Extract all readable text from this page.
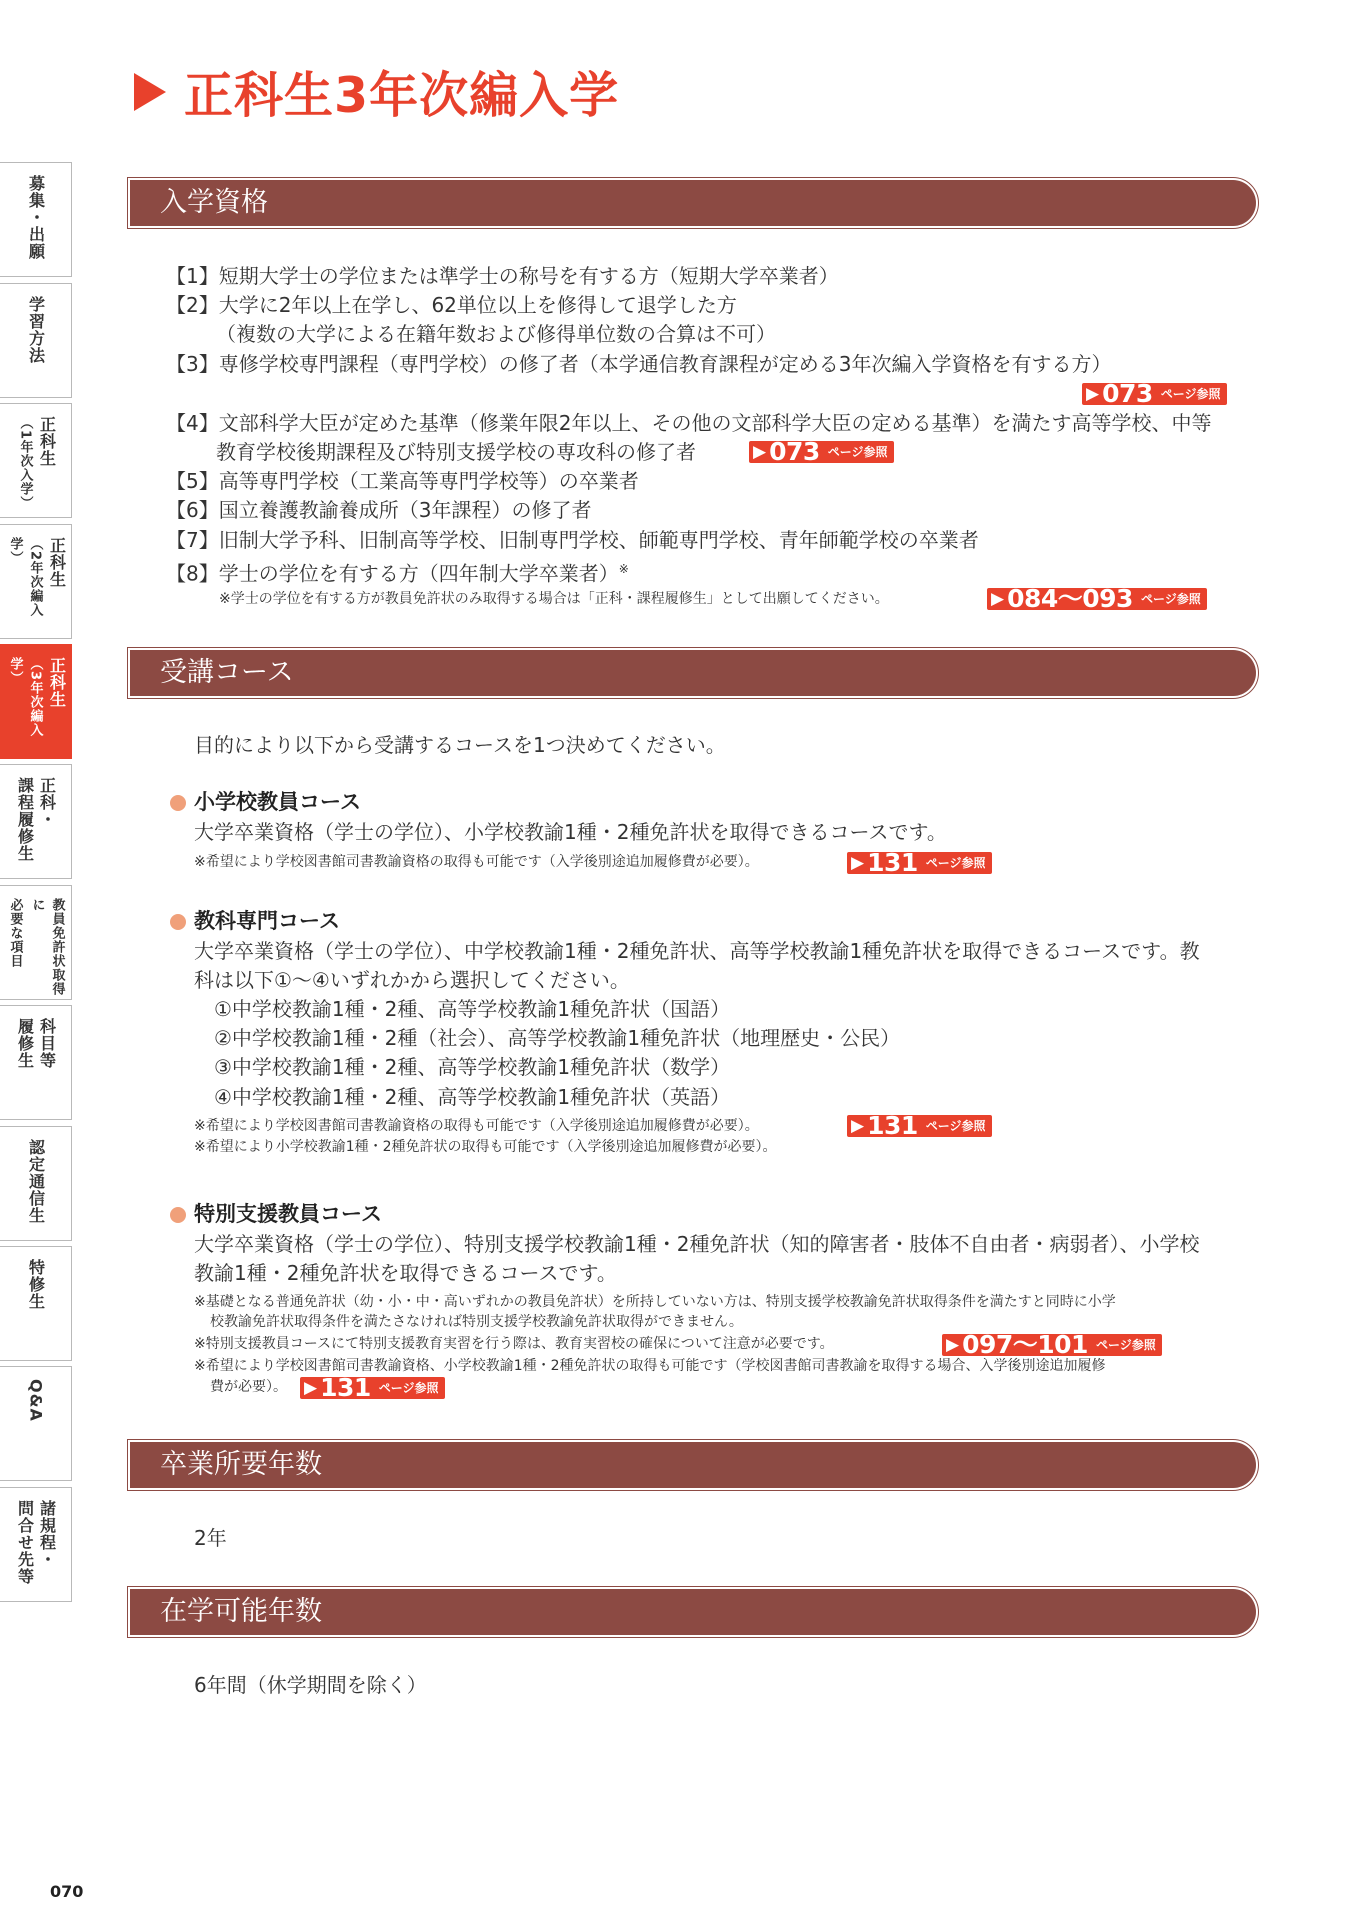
正科生3年次編入学
募集・出願
学習方法
正科生
（1年次入学）
正科生
（2年次編入学）
正科生
（3年次編入学）
正科・
課程履修生
教員免許状取得に
必要な項目
科目等
履修生
認定通信生
特修生
Q&A
諸規程・
問合せ先等
入学資格
【1】短期大学士の学位または準学士の称号を有する方（短期大学卒業者）
【2】大学に2年以上在学し、62単位以上を修得して退学した方
（複数の大学による在籍年数および修得単位数の合算は不可）
【3】専修学校専門課程（専門学校）の修了者（本学通信教育課程が定める3年次編入学資格を有する方）
▶ 073 ページ参照
【4】文部科学大臣が定めた基準（修業年限2年以上、その他の文部科学大臣の定める基準）を満たす高等学校、中等
教育学校後期課程及び特別支援学校の専攻科の修了者	▶ 073 ページ参照
【5】高等専門学校（工業高等専門学校等）の卒業者
【6】国立養護教諭養成所（3年課程）の修了者
【7】旧制大学予科、旧制高等学校、旧制専門学校、師範専門学校、青年師範学校の卒業者
【8】学士の学位を有する方（四年制大学卒業者）※
※学士の学位を有する方が教員免許状のみ取得する場合は「正科・課程履修生」として出願してください。	▶ 084～093 ページ参照
受講コース
目的により以下から受講するコースを1つ決めてください。
小学校教員コース
大学卒業資格（学士の学位）、小学校教諭1種・2種免許状を取得できるコースです。
※希望により学校図書館司書教諭資格の取得も可能です（入学後別途追加履修費が必要）。	▶ 131 ページ参照
教科専門コース
大学卒業資格（学士の学位）、中学校教諭1種・2種免許状、高等学校教諭1種免許状を取得できるコースです。教
科は以下①～④いずれかから選択してください。
①中学校教諭1種・2種、高等学校教諭1種免許状（国語）
②中学校教諭1種・2種（社会）、高等学校教諭1種免許状（地理歴史・公民）
③中学校教諭1種・2種、高等学校教諭1種免許状（数学）
④中学校教諭1種・2種、高等学校教諭1種免許状（英語）
※希望により学校図書館司書教諭資格の取得も可能です（入学後別途追加履修費が必要）。	▶ 131 ページ参照
※希望により小学校教諭1種・2種免許状の取得も可能です（入学後別途追加履修費が必要）。
特別支援教員コース
大学卒業資格（学士の学位）、特別支援学校教諭1種・2種免許状（知的障害者・肢体不自由者・病弱者）、小学校
教諭1種・2種免許状を取得できるコースです。
※基礎となる普通免許状（幼・小・中・高いずれかの教員免許状）を所持していない方は、特別支援学校教諭免許状取得条件を満たすと同時に小学
校教諭免許状取得条件を満たさなければ特別支援学校教諭免許状取得ができません。
※特別支援教員コースにて特別支援教育実習を行う際は、教育実習校の確保について注意が必要です。	▶ 097～101 ページ参照
※希望により学校図書館司書教諭資格、小学校教諭1種・2種免許状の取得も可能です（学校図書館司書教諭を取得する場合、入学後別途追加履修
費が必要）。 ▶ 131 ページ参照
卒業所要年数
2年
在学可能年数
6年間（休学期間を除く）
070
